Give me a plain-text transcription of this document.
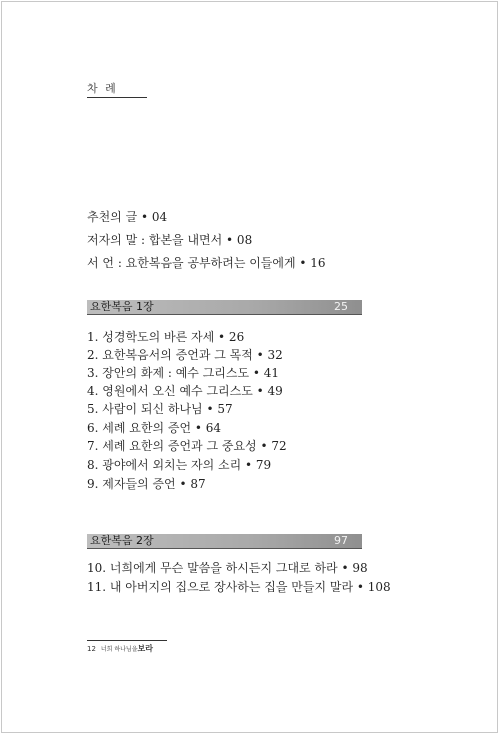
차 례
추천의 글 • 04
저자의 말 : 합본을 내면서 • 08
서 언 : 요한복음을 공부하려는 이들에게 • 16
요한복음 1장	25
1. 성경학도의 바른 자세 • 26
2. 요한복음서의 증언과 그 목적 • 32
3. 장안의 화제 : 예수 그리스도 • 41
4. 영원에서 오신 예수 그리스도 • 49
5. 사람이 되신 하나님 • 57
6. 세례 요한의 증언 • 64
7. 세례 요한의 증언과 그 중요성 • 72
8. 광야에서 외치는 자의 소리 • 79
9. 제자들의 증언 • 87
요한복음 2장	97
10. 너희에게 무슨 말씀을 하시든지 그대로 하라 • 98
11. 내 아버지의 집으로 장사하는 집을 만들지 말라 • 108
12 너희 하나님을보라
